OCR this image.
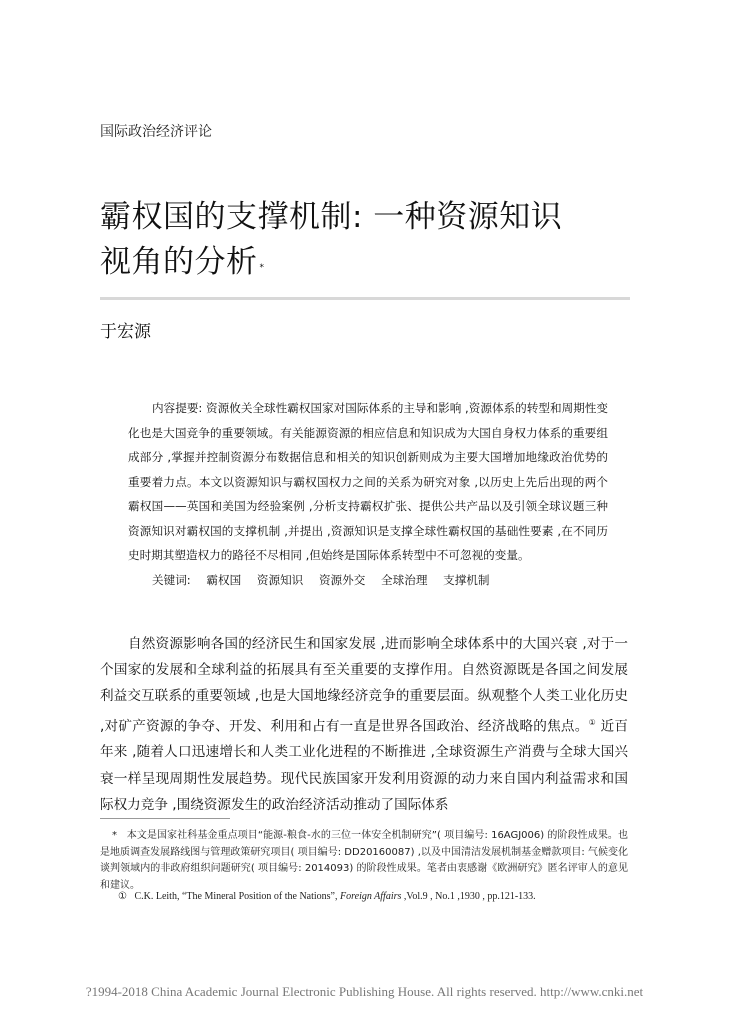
国际政治经济评论
霸权国的支撑机制: 一种资源知识
视角的分析 *
于宏源
内容提要: 资源攸关全球性霸权国家对国际体系的主导和影响 ,资源体系的转型和周期性变化也是大国竞争的重要领域。有关能源资源的相应信息和知识成为大国自身权力体系的重要组成部分 ,掌握并控制资源分布数据信息和相关的知识创新则成为主要大国增加地缘政治优势的重要着力点。本文以资源知识与霸权国权力之间的关系为研究对象 ,以历史上先后出现的两个霸权国——英国和美国为经验案例 ,分析支持霸权扩张、提供公共产品以及引领全球议题三种资源知识对霸权国的支撑机制 ,并提出 ,资源知识是支撑全球性霸权国的基础性要素 ,在不同历史时期其塑造权力的路径不尽相同 ,但始终是国际体系转型中不可忽视的变量。
关键词: 霸权国 资源知识 资源外交 全球治理 支撑机制
自然资源影响各国的经济民生和国家发展 ,进而影响全球体系中的大国兴衰 ,对于一个国家的发展和全球利益的拓展具有至关重要的支撑作用。自然资源既是各国之间发展利益交互联系的重要领域 ,也是大国地缘经济竞争的重要层面。纵观整个人类工业化历史 ,对矿产资源的争夺、开发、利用和占有一直是世界各国政治、经济战略的焦点。① 近百年来 ,随着人口迅速增长和人类工业化进程的不断推进 ,全球资源生产消费与全球大国兴衰一样呈现周期性发展趋势。现代民族国家开发利用资源的动力来自国内利益需求和国际权力竞争 ,围绕资源发生的政治经济活动推动了国际体系
* 本文是国家社科基金重点项目“能源-粮食-水的三位一体安全机制研究”( 项目编号: 16AGJ006) 的阶段性成果。也是地质调查发展路线图与管理政策研究项目( 项目编号: DD20160087) ,以及中国清洁发展机制基金赠款项目: 气候变化谈判领域内的非政府组织问题研究( 项目编号: 2014093) 的阶段性成果。笔者由衷感谢《欧洲研究》匿名评审人的意见和建议。
① C.K. Leith, “The Mineral Position of the Nations”, Foreign Affairs ,Vol.9 , No.1 ,1930 , pp.121-133.
?1994-2018 China Academic Journal Electronic Publishing House. All rights reserved. http://www.cnki.net
